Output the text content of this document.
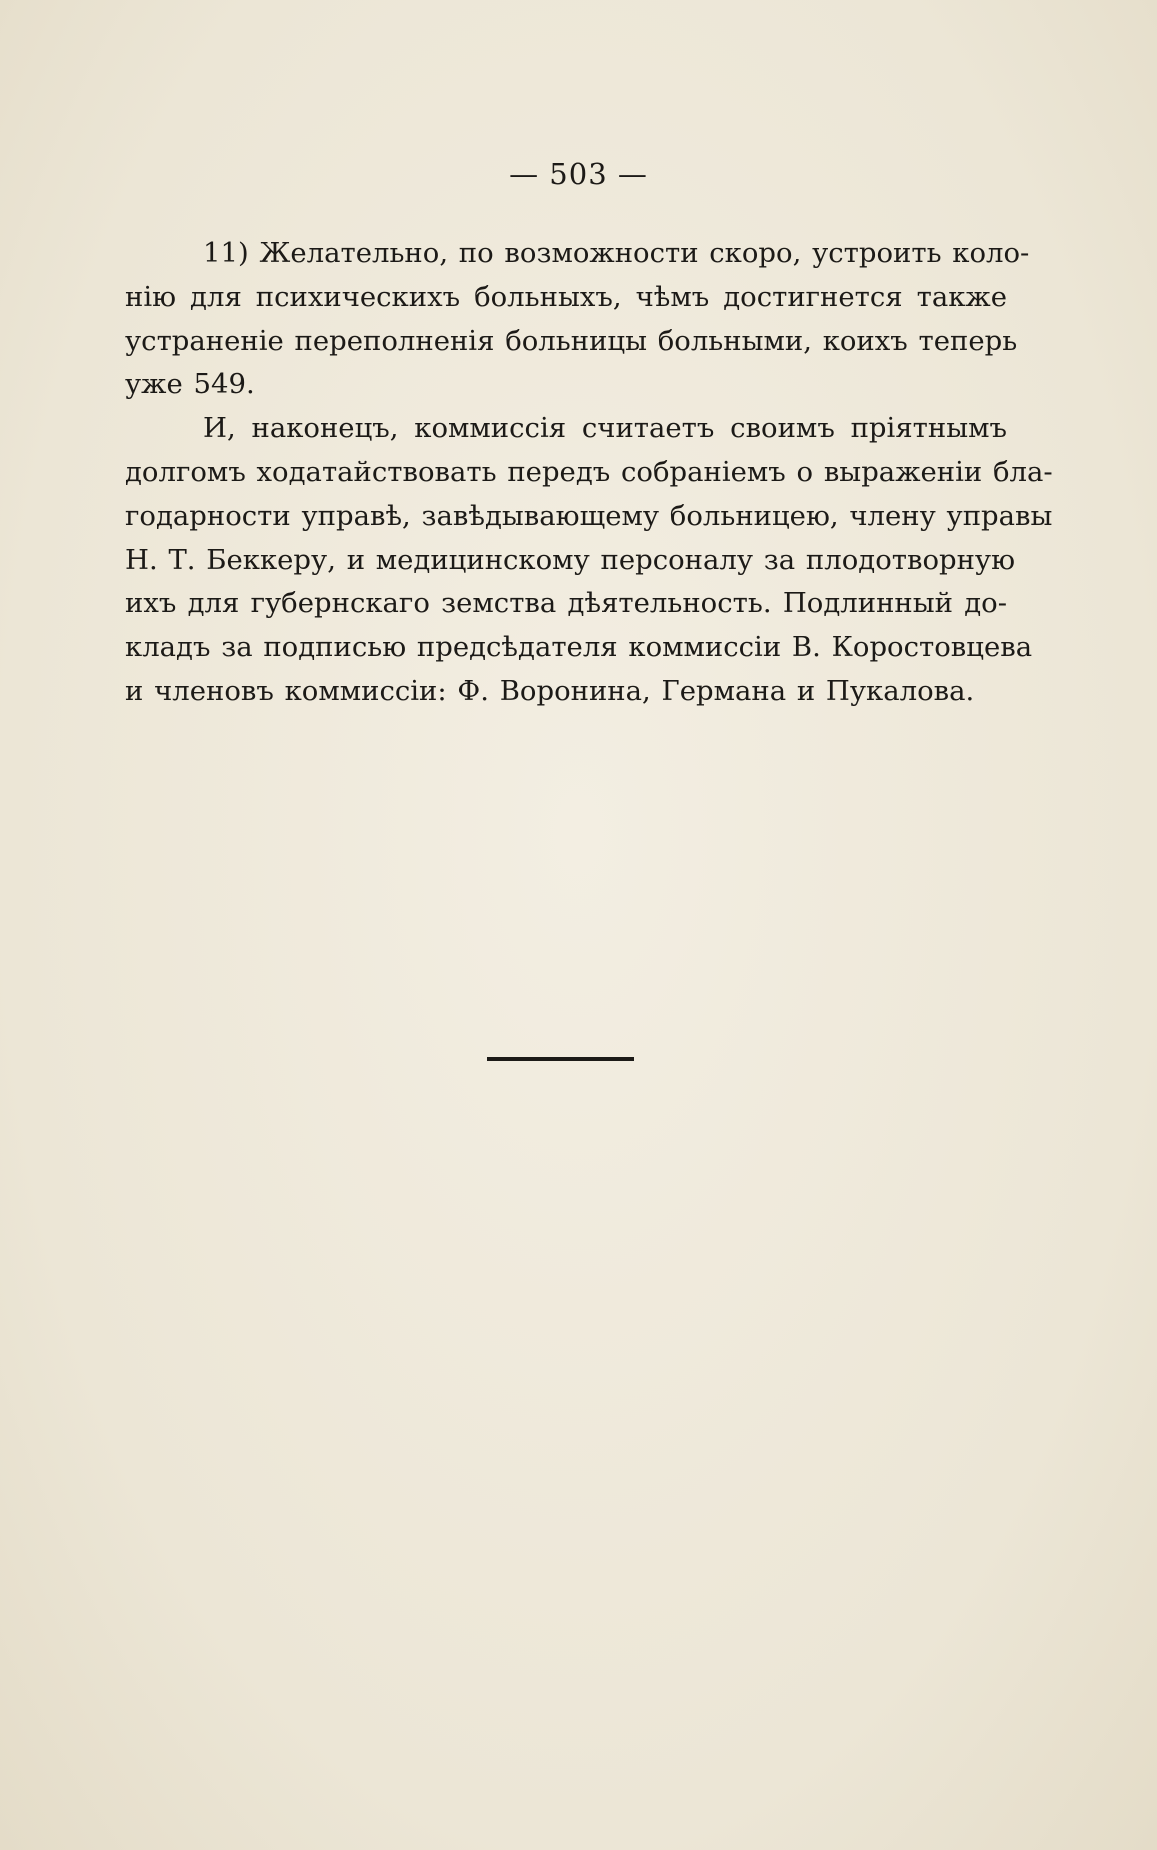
— 503 —

11) Желательно, по возможности скоро, устроить коло-
нію для психическихъ больныхъ, чѣмъ достигнется также
устраненіе переполненія больницы больными, коихъ теперь
уже 549.

И, наконецъ, коммиссія считаетъ своимъ пріятнымъ
долгомъ ходатайствовать передъ собраніемъ о выраженіи бла-
годарности управѣ, завѣдывающему больницею, члену управы
Н. Т. Беккеру, и медицинскому персоналу за плодотворную
ихъ для губернскаго земства дѣятельность. Подлинный до-
кладъ за подписью предсѣдателя коммиссіи В. Коростовцева
и членовъ коммиссіи: Ф. Воронина, Германа и Пукалова.
